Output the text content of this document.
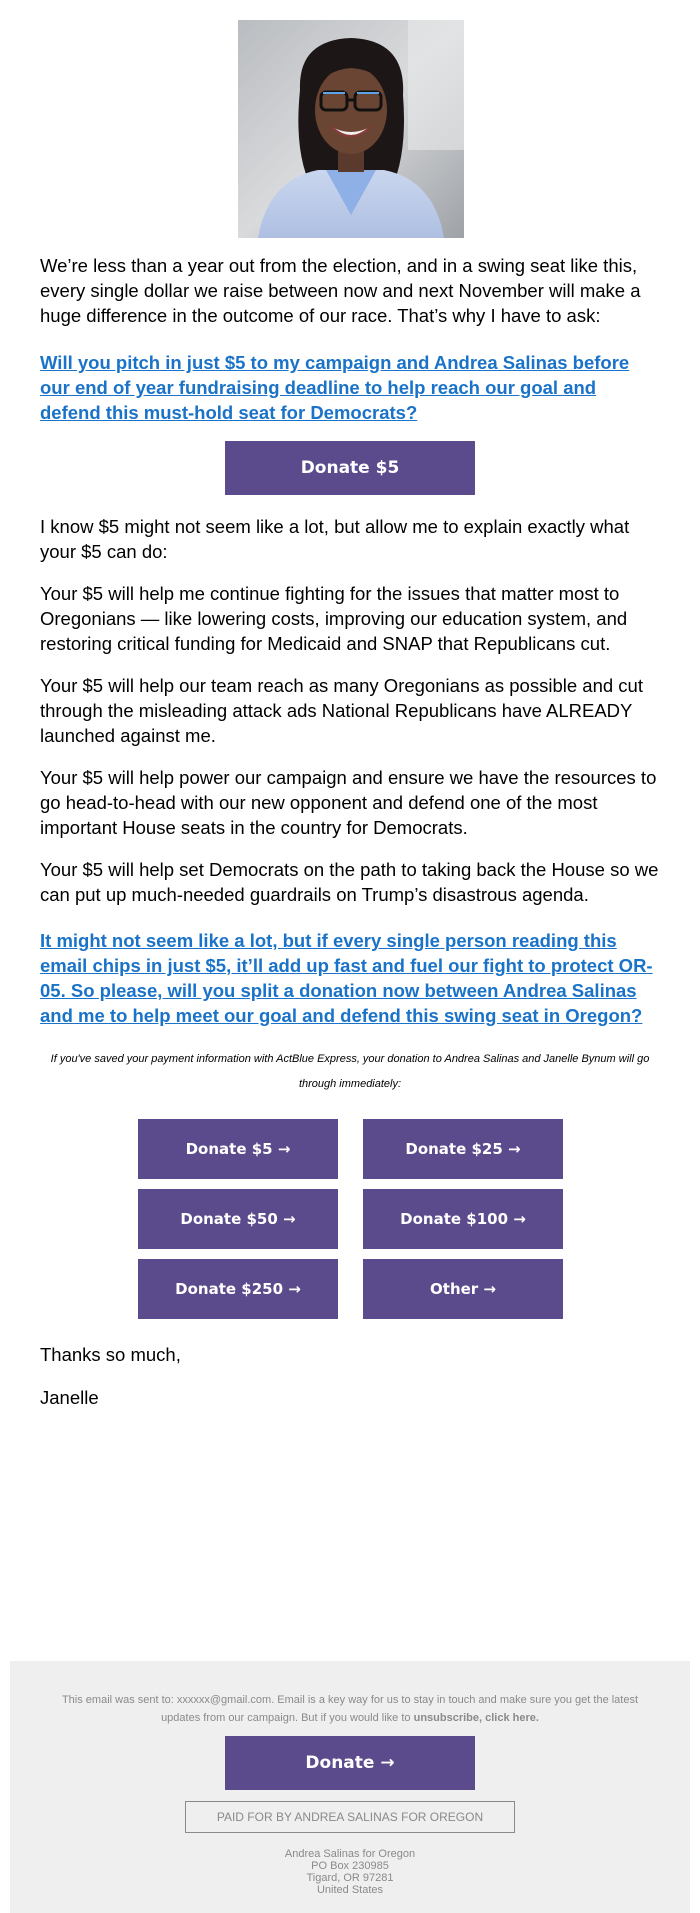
We’re less than a year out from the election, and in a swing seat like this, every single dollar we raise between now and next November will make a huge difference in the outcome of our race. That’s why I have to ask:

Will you pitch in just $5 to my campaign and Andrea Salinas before our end of year fundraising deadline to help reach our goal and defend this must-hold seat for Democrats?
Donate $5

I know $5 might not seem like a lot, but allow me to explain exactly what your $5 can do:

Your $5 will help me continue fighting for the issues that matter most to Oregonians — like lowering costs, improving our education system, and restoring critical funding for Medicaid and SNAP that Republicans cut.

Your $5 will help our team reach as many Oregonians as possible and cut through the misleading attack ads National Republicans have ALREADY launched against me.

Your $5 will help power our campaign and ensure we have the resources to go head-to-head with our new opponent and defend one of the most important House seats in the country for Democrats.

Your $5 will help set Democrats on the path to taking back the House so we can put up much-needed guardrails on Trump’s disastrous agenda.

It might not seem like a lot, but if every single person reading this email chips in just $5, it’ll add up fast and fuel our fight to protect OR-05. So please, will you split a donation now between Andrea Salinas and me to help meet our goal and defend this swing seat in Oregon?
If you've saved your payment information with ActBlue Express, your donation to Andrea Salinas and Janelle Bynum will go through immediately:
Donate $5 →	Donate $25 →
Donate $50 →	Donate $100 →
Donate $250 →	Other →

Thanks so much,

Janelle

This email was sent to: xxxxxx@gmail.com. Email is a key way for us to stay in touch and make sure you get the latest updates from our campaign. But if you would like to unsubscribe, click here.
Donate →
PAID FOR BY ANDREA SALINAS FOR OREGON
Andrea Salinas for Oregon
PO Box 230985
Tigard, OR 97281
United States
